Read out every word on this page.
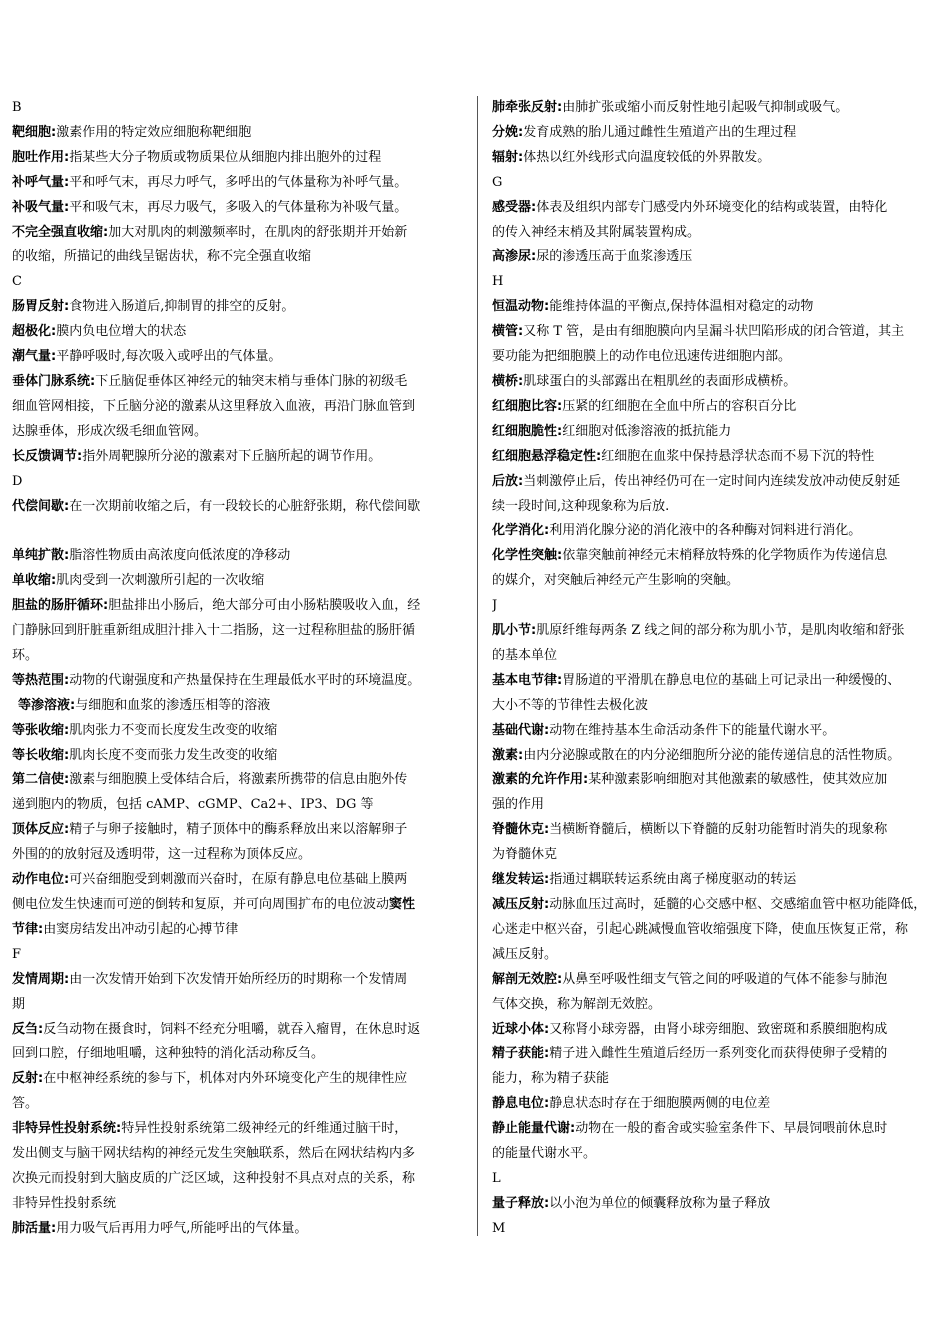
B
靶细胞:激素作用的特定效应细胞称靶细胞
胞吐作用:指某些大分子物质或物质果位从细胞内排出胞外的过程
补呼气量:平和呼气末，再尽力呼气，多呼出的气体量称为补呼气量。
补吸气量:平和吸气末，再尽力吸气，多吸入的气体量称为补吸气量。
不完全强直收缩:加大对肌肉的刺激频率时，在肌肉的舒张期并开始新
的收缩，所描记的曲线呈锯齿状，称不完全强直收缩
C
肠胃反射:食物进入肠道后,抑制胃的排空的反射。
超极化:膜内负电位增大的状态
潮气量:平静呼吸时,每次吸入或呼出的气体量。
垂体门脉系统:下丘脑促垂体区神经元的轴突末梢与垂体门脉的初级毛
细血管网相接，下丘脑分泌的激素从这里释放入血液，再沿门脉血管到
达腺垂体，形成次级毛细血管网。
长反馈调节:指外周靶腺所分泌的激素对下丘脑所起的调节作用。
D
代偿间歇:在一次期前收缩之后，有一段较长的心脏舒张期，称代偿间歇
单纯扩散:脂溶性物质由高浓度向低浓度的净移动
单收缩:肌肉受到一次刺激所引起的一次收缩
胆盐的肠肝循环:胆盐排出小肠后，绝大部分可由小肠粘膜吸收入血，经
门静脉回到肝脏重新组成胆汁排入十二指肠，这一过程称胆盐的肠肝循
环。
等热范围:动物的代谢强度和产热量保持在生理最低水平时的环境温度。
等渗溶液:与细胞和血浆的渗透压相等的溶液
等张收缩:肌肉张力不变而长度发生改变的收缩
等长收缩:肌肉长度不变而张力发生改变的收缩
第二信使:激素与细胞膜上受体结合后，将激素所携带的信息由胞外传
递到胞内的物质，包括 cAMP、cGMP、Ca2+、IP3、DG 等
顶体反应:精子与卵子接触时，精子顶体中的酶系释放出来以溶解卵子
外围的的放射冠及透明带，这一过程称为顶体反应。
动作电位:可兴奋细胞受到刺激而兴奋时，在原有静息电位基础上膜两
侧电位发生快速而可逆的倒转和复原，并可向周围扩布的电位波动窦性
节律:由窦房结发出冲动引起的心搏节律
F
发情周期:由一次发情开始到下次发情开始所经历的时期称一个发情周
期
反刍:反刍动物在摄食时，饲料不经充分咀嚼，就吞入瘤胃，在休息时返
回到口腔，仔细地咀嚼，这种独特的消化活动称反刍。
反射:在中枢神经系统的参与下，机体对内外环境变化产生的规律性应
答。
非特异性投射系统:特异性投射系统第二级神经元的纤维通过脑干时，
发出侧支与脑干网状结构的神经元发生突触联系，然后在网状结构内多
次换元而投射到大脑皮质的广泛区域，这种投射不具点对点的关系，称
非特异性投射系统
肺活量:用力吸气后再用力呼气,所能呼出的气体量。
肺牵张反射:由肺扩张或缩小而反射性地引起吸气抑制或吸气。
分娩:发育成熟的胎儿通过雌性生殖道产出的生理过程
辐射:体热以红外线形式向温度较低的外界散发。
G
感受器:体表及组织内部专门感受内外环境变化的结构或装置，由特化
的传入神经末梢及其附属装置构成。
高渗尿:尿的渗透压高于血浆渗透压
H
恒温动物:能维持体温的平衡点,保持体温相对稳定的动物
横管:又称 T 管，是由有细胞膜向内呈漏斗状凹陷形成的闭合管道，其主
要功能为把细胞膜上的动作电位迅速传进细胞内部。
横桥:肌球蛋白的头部露出在粗肌丝的表面形成横桥。
红细胞比容:压紧的红细胞在全血中所占的容积百分比
红细胞脆性:红细胞对低渗溶液的抵抗能力
红细胞悬浮稳定性:红细胞在血浆中保持悬浮状态而不易下沉的特性
后放:当刺激停止后，传出神经仍可在一定时间内连续发放冲动使反射延
续一段时间,这种现象称为后放.
化学消化:利用消化腺分泌的消化液中的各种酶对饲料进行消化。
化学性突触:依靠突触前神经元末梢释放特殊的化学物质作为传递信息
的媒介，对突触后神经元产生影响的突触。
J
肌小节:肌原纤维每两条 Z 线之间的部分称为肌小节，是肌肉收缩和舒张
的基本单位
基本电节律:胃肠道的平滑肌在静息电位的基础上可记录出一种缓慢的、
大小不等的节律性去极化波
基础代谢:动物在维持基本生命活动条件下的能量代谢水平。
激素:由内分泌腺或散在的内分泌细胞所分泌的能传递信息的活性物质。
激素的允许作用:某种激素影响细胞对其他激素的敏感性，使其效应加
强的作用
脊髓休克:当横断脊髓后，横断以下脊髓的反射功能暂时消失的现象称
为脊髓休克
继发转运:指通过耦联转运系统由离子梯度驱动的转运
减压反射:动脉血压过高时，延髓的心交感中枢、交感缩血管中枢功能降低，
心迷走中枢兴奋，引起心跳减慢血管收缩强度下降，使血压恢复正常，称
减压反射。
解剖无效腔:从鼻至呼吸性细支气管之间的呼吸道的气体不能参与肺泡
气体交换，称为解剖无效腔。
近球小体:又称肾小球旁器，由肾小球旁细胞、致密斑和系膜细胞构成
精子获能:精子进入雌性生殖道后经历一系列变化而获得使卵子受精的
能力，称为精子获能
静息电位:静息状态时存在于细胞膜两侧的电位差
静止能量代谢:动物在一般的畜舍或实验室条件下、早晨饲喂前休息时
的能量代谢水平。
L
量子释放:以小泡为单位的倾囊释放称为量子释放
M
